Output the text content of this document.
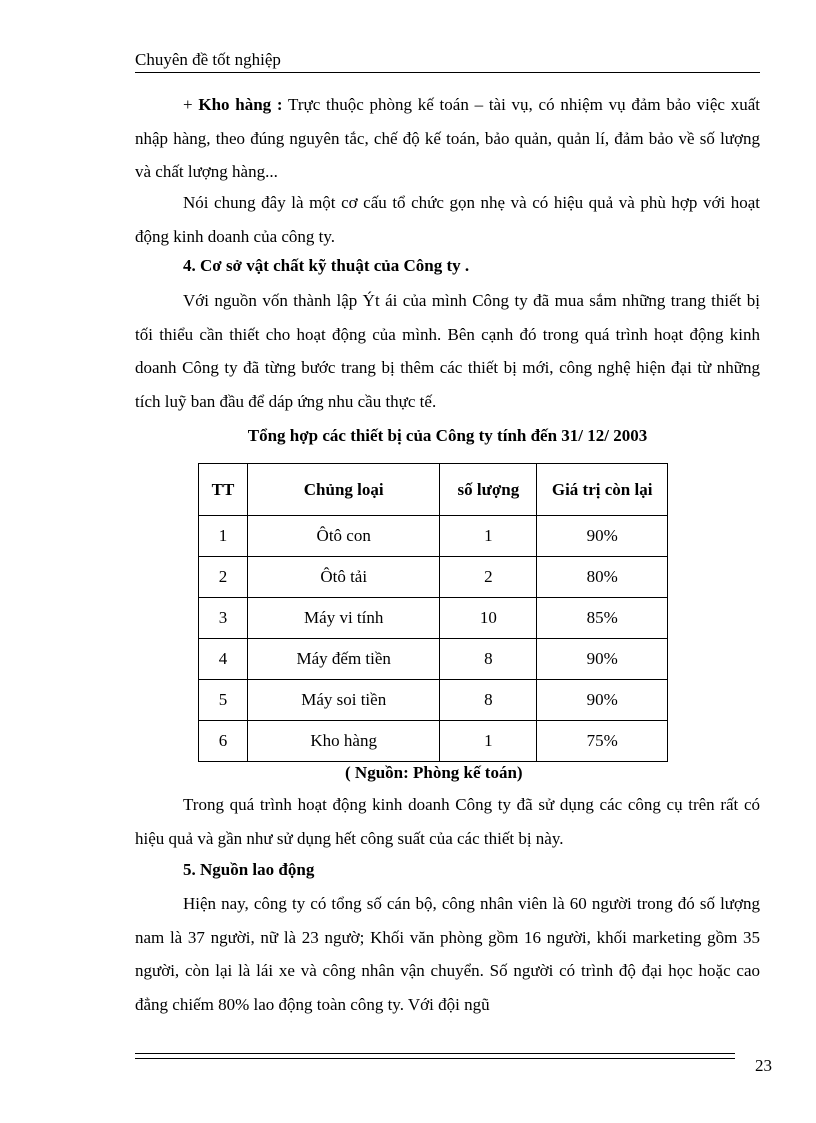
Chuyên đề tốt nghiệp

+ Kho hàng : Trực thuộc phòng kế toán – tài vụ, có nhiệm vụ đảm bảo việc xuất nhập hàng, theo đúng nguyên tắc, chế độ kế toán, bảo quản, quản lí, đảm bảo về số lượng và chất lượng hàng...

Nói chung đây là một cơ cấu tổ chức gọn nhẹ và có hiệu quả và phù hợp với hoạt động kinh doanh của công ty.

4. Cơ sở vật chất kỹ thuật của Công ty .

Với nguồn vốn thành lập Ýt ái của mình Công ty đã mua sắm những trang thiết bị tối thiểu cần thiết cho hoạt động của mình. Bên cạnh đó trong quá trình hoạt động kinh doanh Công ty đã từng bước trang bị thêm các thiết bị mới, công nghệ hiện đại từ những tích luỹ ban đầu để dáp ứng nhu cầu thực tế.

Tổng hợp các thiết bị của Công ty tính đến 31/ 12/ 2003

TT	Chủng loại	số lượng	Giá trị còn lại
1	Ôtô con	1	90%
2	Ôtô tải	2	80%
3	Máy vi tính	10	85%
4	Máy đếm tiền	8	90%
5	Máy soi tiền	8	90%
6	Kho hàng	1	75%

( Nguồn: Phòng kế toán)

Trong quá trình hoạt động kinh doanh Công ty đã sử dụng các công cụ trên rất có hiệu quả và gần như sử dụng hết công suất của các thiết bị này.

5. Nguồn lao động

Hiện nay, công ty có tổng số cán bộ, công nhân viên là 60 người trong đó số lượng nam là 37 người, nữ là 23 ngườ; Khối văn phòng gồm 16 người, khối marketing gồm 35 người, còn lại là lái xe và công nhân vận chuyển. Số người có trình độ đại học hoặc cao đẳng chiếm 80% lao động toàn công ty. Với đội ngũ

23
